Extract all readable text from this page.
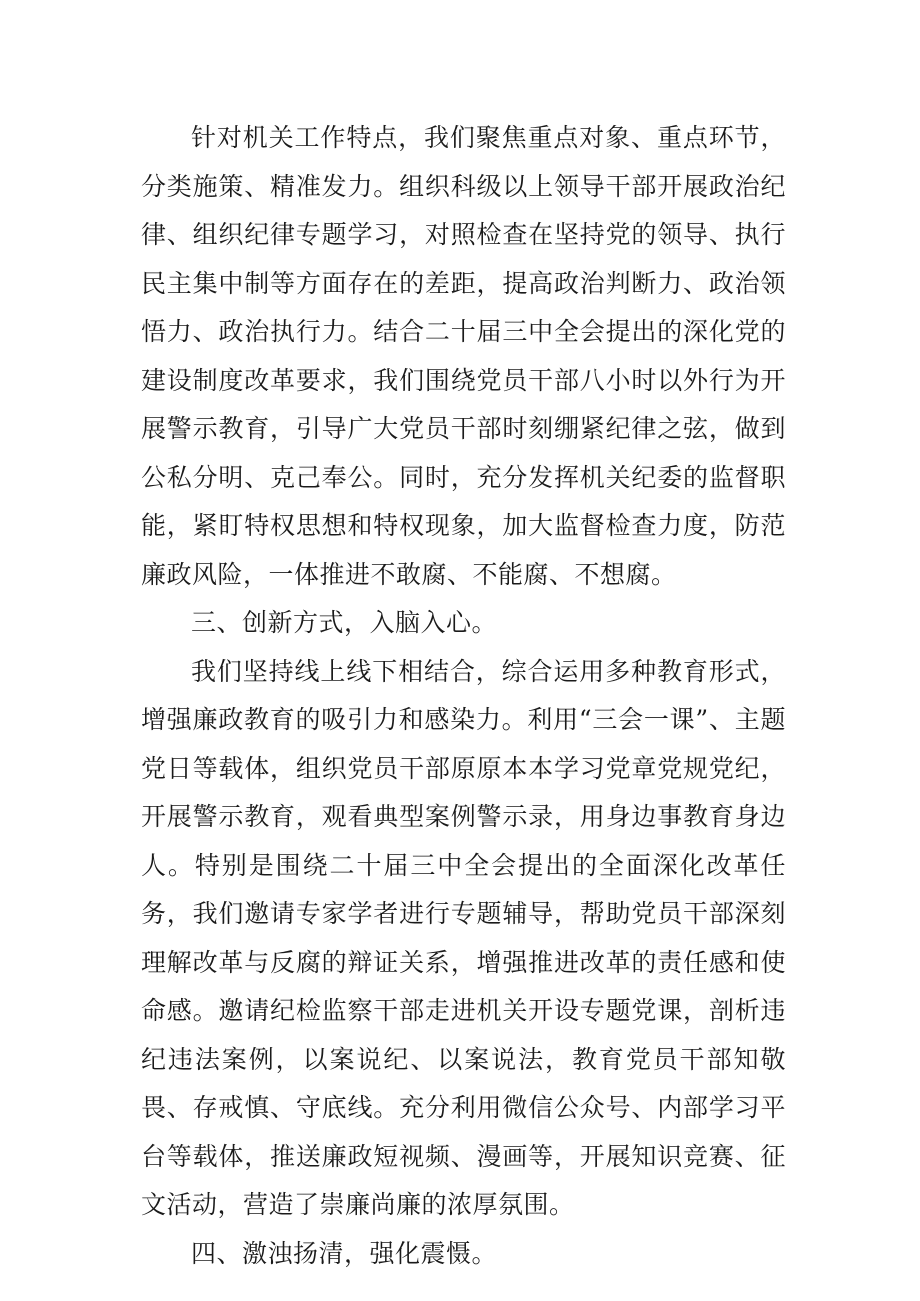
针对机关工作特点，我们聚焦重点对象、重点环节，分类施策、精准发力。组织科级以上领导干部开展政治纪律、组织纪律专题学习，对照检查在坚持党的领导、执行民主集中制等方面存在的差距，提高政治判断力、政治领悟力、政治执行力。结合二十届三中全会提出的深化党的建设制度改革要求，我们围绕党员干部八小时以外行为开展警示教育，引导广大党员干部时刻绷紧纪律之弦，做到公私分明、克己奉公。同时，充分发挥机关纪委的监督职能，紧盯特权思想和特权现象，加大监督检查力度，防范廉政风险，一体推进不敢腐、不能腐、不想腐。

三、创新方式，入脑入心。

我们坚持线上线下相结合，综合运用多种教育形式，增强廉政教育的吸引力和感染力。利用“三会一课”、主题党日等载体，组织党员干部原原本本学习党章党规党纪，开展警示教育，观看典型案例警示录，用身边事教育身边人。特别是围绕二十届三中全会提出的全面深化改革任务，我们邀请专家学者进行专题辅导，帮助党员干部深刻理解改革与反腐的辩证关系，增强推进改革的责任感和使命感。邀请纪检监察干部走进机关开设专题党课，剖析违纪违法案例，以案说纪、以案说法，教育党员干部知敬畏、存戒慎、守底线。充分利用微信公众号、内部学习平台等载体，推送廉政短视频、漫画等，开展知识竞赛、征文活动，营造了崇廉尚廉的浓厚氛围。

四、激浊扬清，强化震慑。
